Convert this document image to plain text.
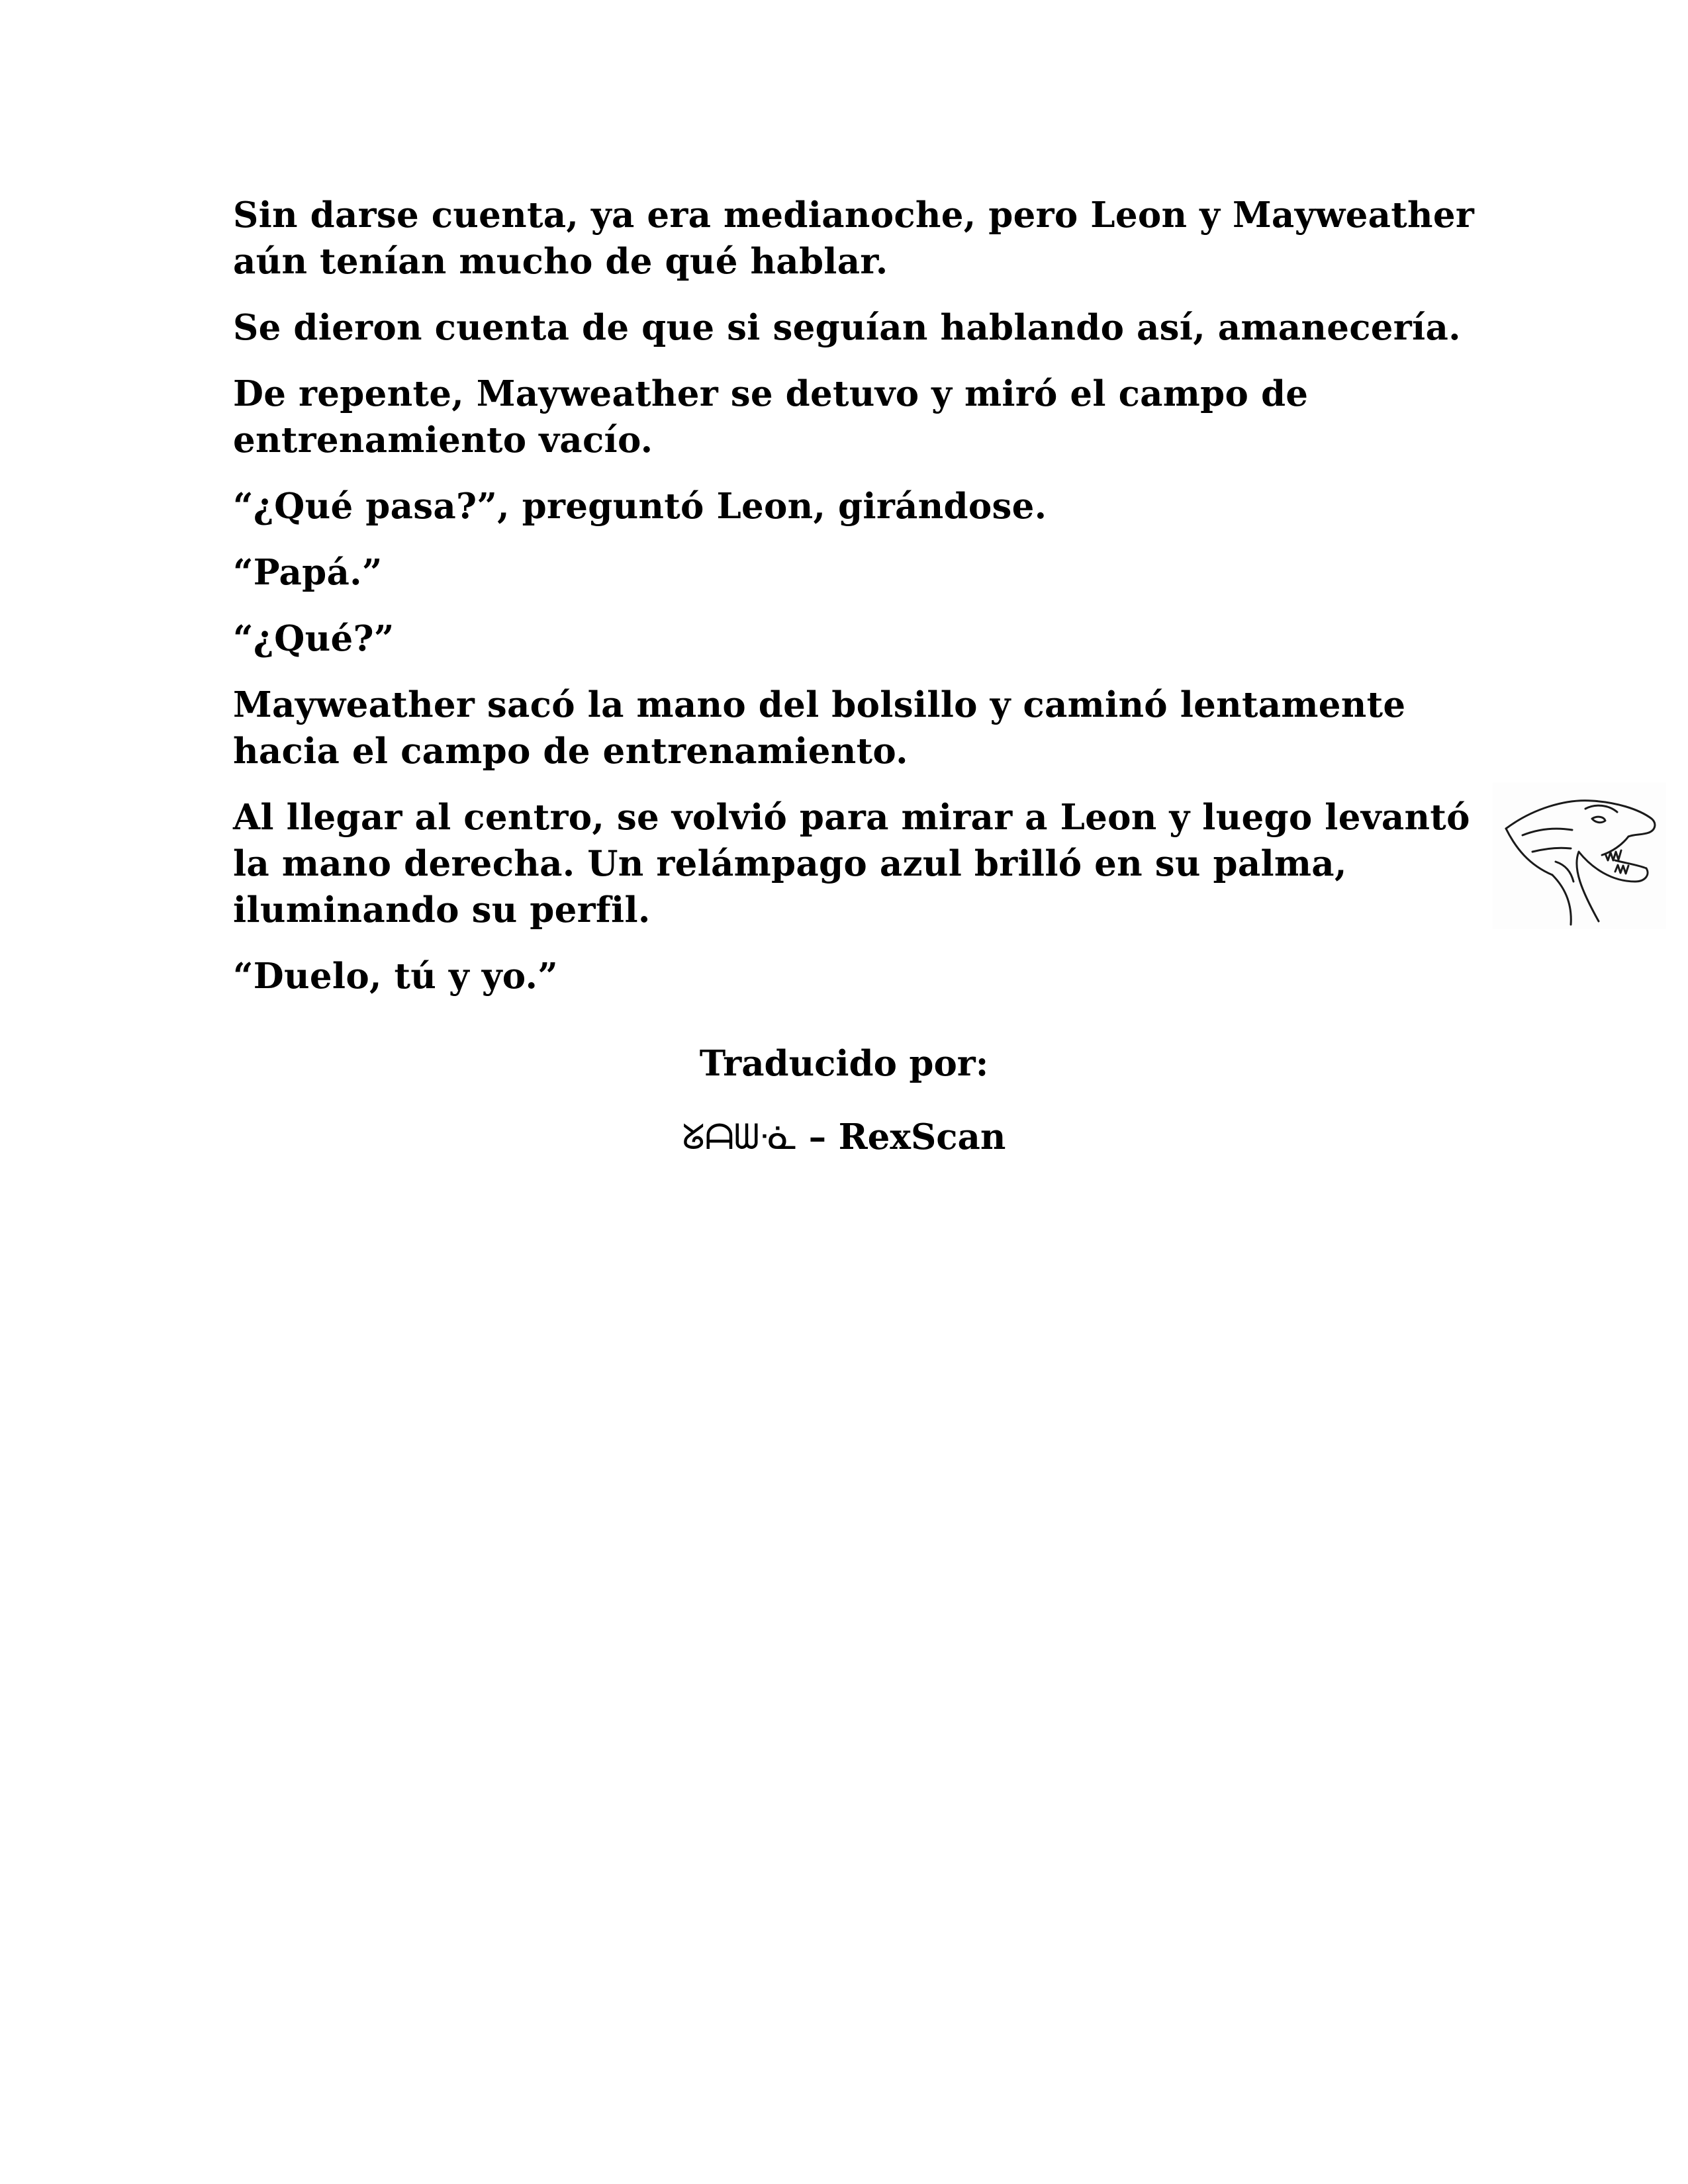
Sin darse cuenta, ya era medianoche, pero Leon y Mayweather aún tenían mucho de qué hablar.

Se dieron cuenta de que si seguían hablando así, amanecería.

De repente, Mayweather se detuvo y miró el campo de entrenamiento vacío.

“¿Qué pasa?”, preguntó Leon, girándose.

“Papá.”

“¿Qué?”

Mayweather sacó la mano del bolsillo y caminó lentamente hacia el campo de entrenamiento.

Al llegar al centro, se volvió para mirar a Leon y luego levantó la mano derecha. Un relámpago azul brilló en su palma, iluminando su perfil.

“Duelo, tú y yo.”

Traducido por:
ᘜᗩᗯᓍ – RexScan
